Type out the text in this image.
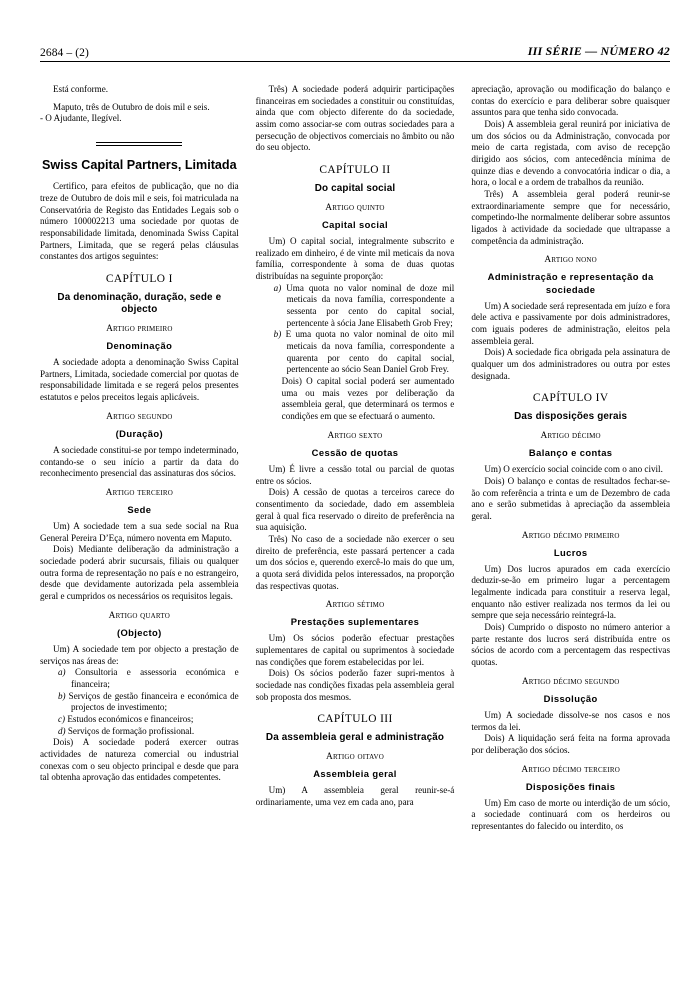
2684 – (2)	III SÉRIE — NÚMERO 42

Está conforme.

Maputo, três de Outubro de dois mil e seis.

- O Ajudante, Ilegível.

Swiss Capital Partners, Limitada

Certifico, para efeitos de publicação, que no dia treze de Outubro de dois mil e seis, foi matriculada na Conservatória de Registo das Entidades Legais sob o número 100002213 uma sociedade por quotas de responsabilidade limitada, denominada Swiss Capital Partners, Limitada, que se regerá pelas cláusulas constantes dos artigos seguintes:

CAPÍTULO I

Da denominação, duração, sede e objecto

Artigo primeiro

Denominação

A sociedade adopta a denominação Swiss Capital Partners, Limitada, sociedade comercial por quotas de responsabilidade limitada e se regerá pelos presentes estatutos e pelos preceitos legais aplicáveis.

Artigo segundo

(Duração)

A sociedade constitui-se por tempo indeterminado, contando-se o seu início a partir da data do reconhecimento presencial das assinaturas dos sócios.

Artigo terceiro

Sede

Um) A sociedade tem a sua sede social na Rua General Pereira D’Eça, número noventa em Maputo.

Dois) Mediante deliberação da administração a sociedade poderá abrir sucursais, filiais ou qualquer outra forma de representação no país e no estrangeiro, desde que devidamente autorizada pela assembleia geral e cumpridos os necessários os requisitos legais.

Artigo quarto

(Objecto)

Um) A sociedade tem por objecto a prestação de serviços nas áreas de:

a) Consultoria e assessoria económica e financeira;
b) Serviços de gestão financeira e económica de projectos de investimento;
c) Estudos económicos e financeiros;
d) Serviços de formação profissional.

Dois) A sociedade poderá exercer outras actividades de natureza comercial ou industrial conexas com o seu objecto principal e desde que para tal obtenha aprovação das entidades competentes.

Três) A sociedade poderá adquirir participações financeiras em sociedades a constituir ou constituídas, ainda que com objecto diferente do da sociedade, assim como associar-se com outras sociedades para a persecução de objectivos comerciais no âmbito ou não do seu objecto.

CAPÍTULO II

Do capital social

Artigo quinto

Capital social

Um) O capital social, integralmente subscrito e realizado em dinheiro, é de vinte mil meticais da nova família, correspondente à soma de duas quotas distribuídas na seguinte proporção:

a) Uma quota no valor nominal de doze mil meticais da nova família, correspondente a sessenta por cento do capital social, pertencente à sócia Jane Elisabeth Grob Frey;
b) E uma quota no valor nominal de oito mil meticais da nova família, correspondente a quarenta por cento do capital social, pertencente ao sócio Sean Daniel Grob Frey.
Dois) O capital social poderá ser aumentado uma ou mais vezes por deliberação da assembleia geral, que determinará os termos e condições em que se efectuará o aumento.

Artigo sexto

Cessão de quotas

Um) É livre a cessão total ou parcial de quotas entre os sócios.

Dois) A cessão de quotas a terceiros carece do consentimento da sociedade, dado em assembleia geral à qual fica reservado o direito de preferência na sua aquisição.

Três) No caso de a sociedade não exercer o seu direito de preferência, este passará pertencer a cada um dos sócios e, querendo exercê-lo mais do que um, a quota será dividida pelos interessados, na proporção das respectivas quotas.

Artigo sétimo

Prestações suplementares

Um) Os sócios poderão efectuar prestações suplementares de capital ou suprimentos à sociedade nas condições que forem estabelecidas por lei.

Dois) Os sócios poderão fazer supri-mentos à sociedade nas condições fixadas pela assembleia geral sob proposta dos mesmos.

CAPÍTULO III

Da assembleia geral e administração

Artigo oitavo

Assembleia geral

Um) A assembleia geral reunir-se-á ordinariamente, uma vez em cada ano, para

apreciação, aprovação ou modificação do balanço e contas do exercício e para deliberar sobre quaisquer assuntos para que tenha sido convocada.

Dois) A assembleia geral reunirá por iniciativa de um dos sócios ou da Administração, convocada por meio de carta registada, com aviso de recepção dirigido aos sócios, com antecedência mínima de quinze dias e devendo a convocatória indicar o dia, a hora, o local e a ordem de trabalhos da reunião.

Três) A assembleia geral poderá reunir-se extraordinariamente sempre que for necessário, competindo-lhe normalmente deliberar sobre assuntos ligados à actividade da sociedade que ultrapasse a competência da administração.

Artigo nono

Administração e representação da sociedade

Um) A sociedade será representada em juízo e fora dele activa e passivamente por dois administradores, com iguais poderes de administração, eleitos pela assembleia geral.

Dois) A sociedade fica obrigada pela assinatura de qualquer um dos administradores ou outra por estes designada.

CAPÍTULO IV

Das disposições gerais

Artigo décimo

Balanço e contas

Um) O exercício social coincide com o ano civil.

Dois) O balanço e contas de resultados fechar-se-ão com referência a trinta e um de Dezembro de cada ano e serão submetidas à apreciação da assembleia geral.

Artigo décimo primeiro

Lucros

Um) Dos lucros apurados em cada exercício deduzir-se-ão em primeiro lugar a percentagem legalmente indicada para constituir a reserva legal, enquanto não estiver realizada nos termos da lei ou sempre que seja necessário reintegrá-la.

Dois) Cumprido o disposto no número anterior a parte restante dos lucros será distribuída entre os sócios de acordo com a percentagem das respectivas quotas.

Artigo décimo segundo

Dissolução

Um) A sociedade dissolve-se nos casos e nos termos da lei.

Dois) A liquidação será feita na forma aprovada por deliberação dos sócios.

Artigo décimo terceiro

Disposições finais

Um) Em caso de morte ou interdição de um sócio, a sociedade continuará com os herdeiros ou representantes do falecido ou interdito, os
